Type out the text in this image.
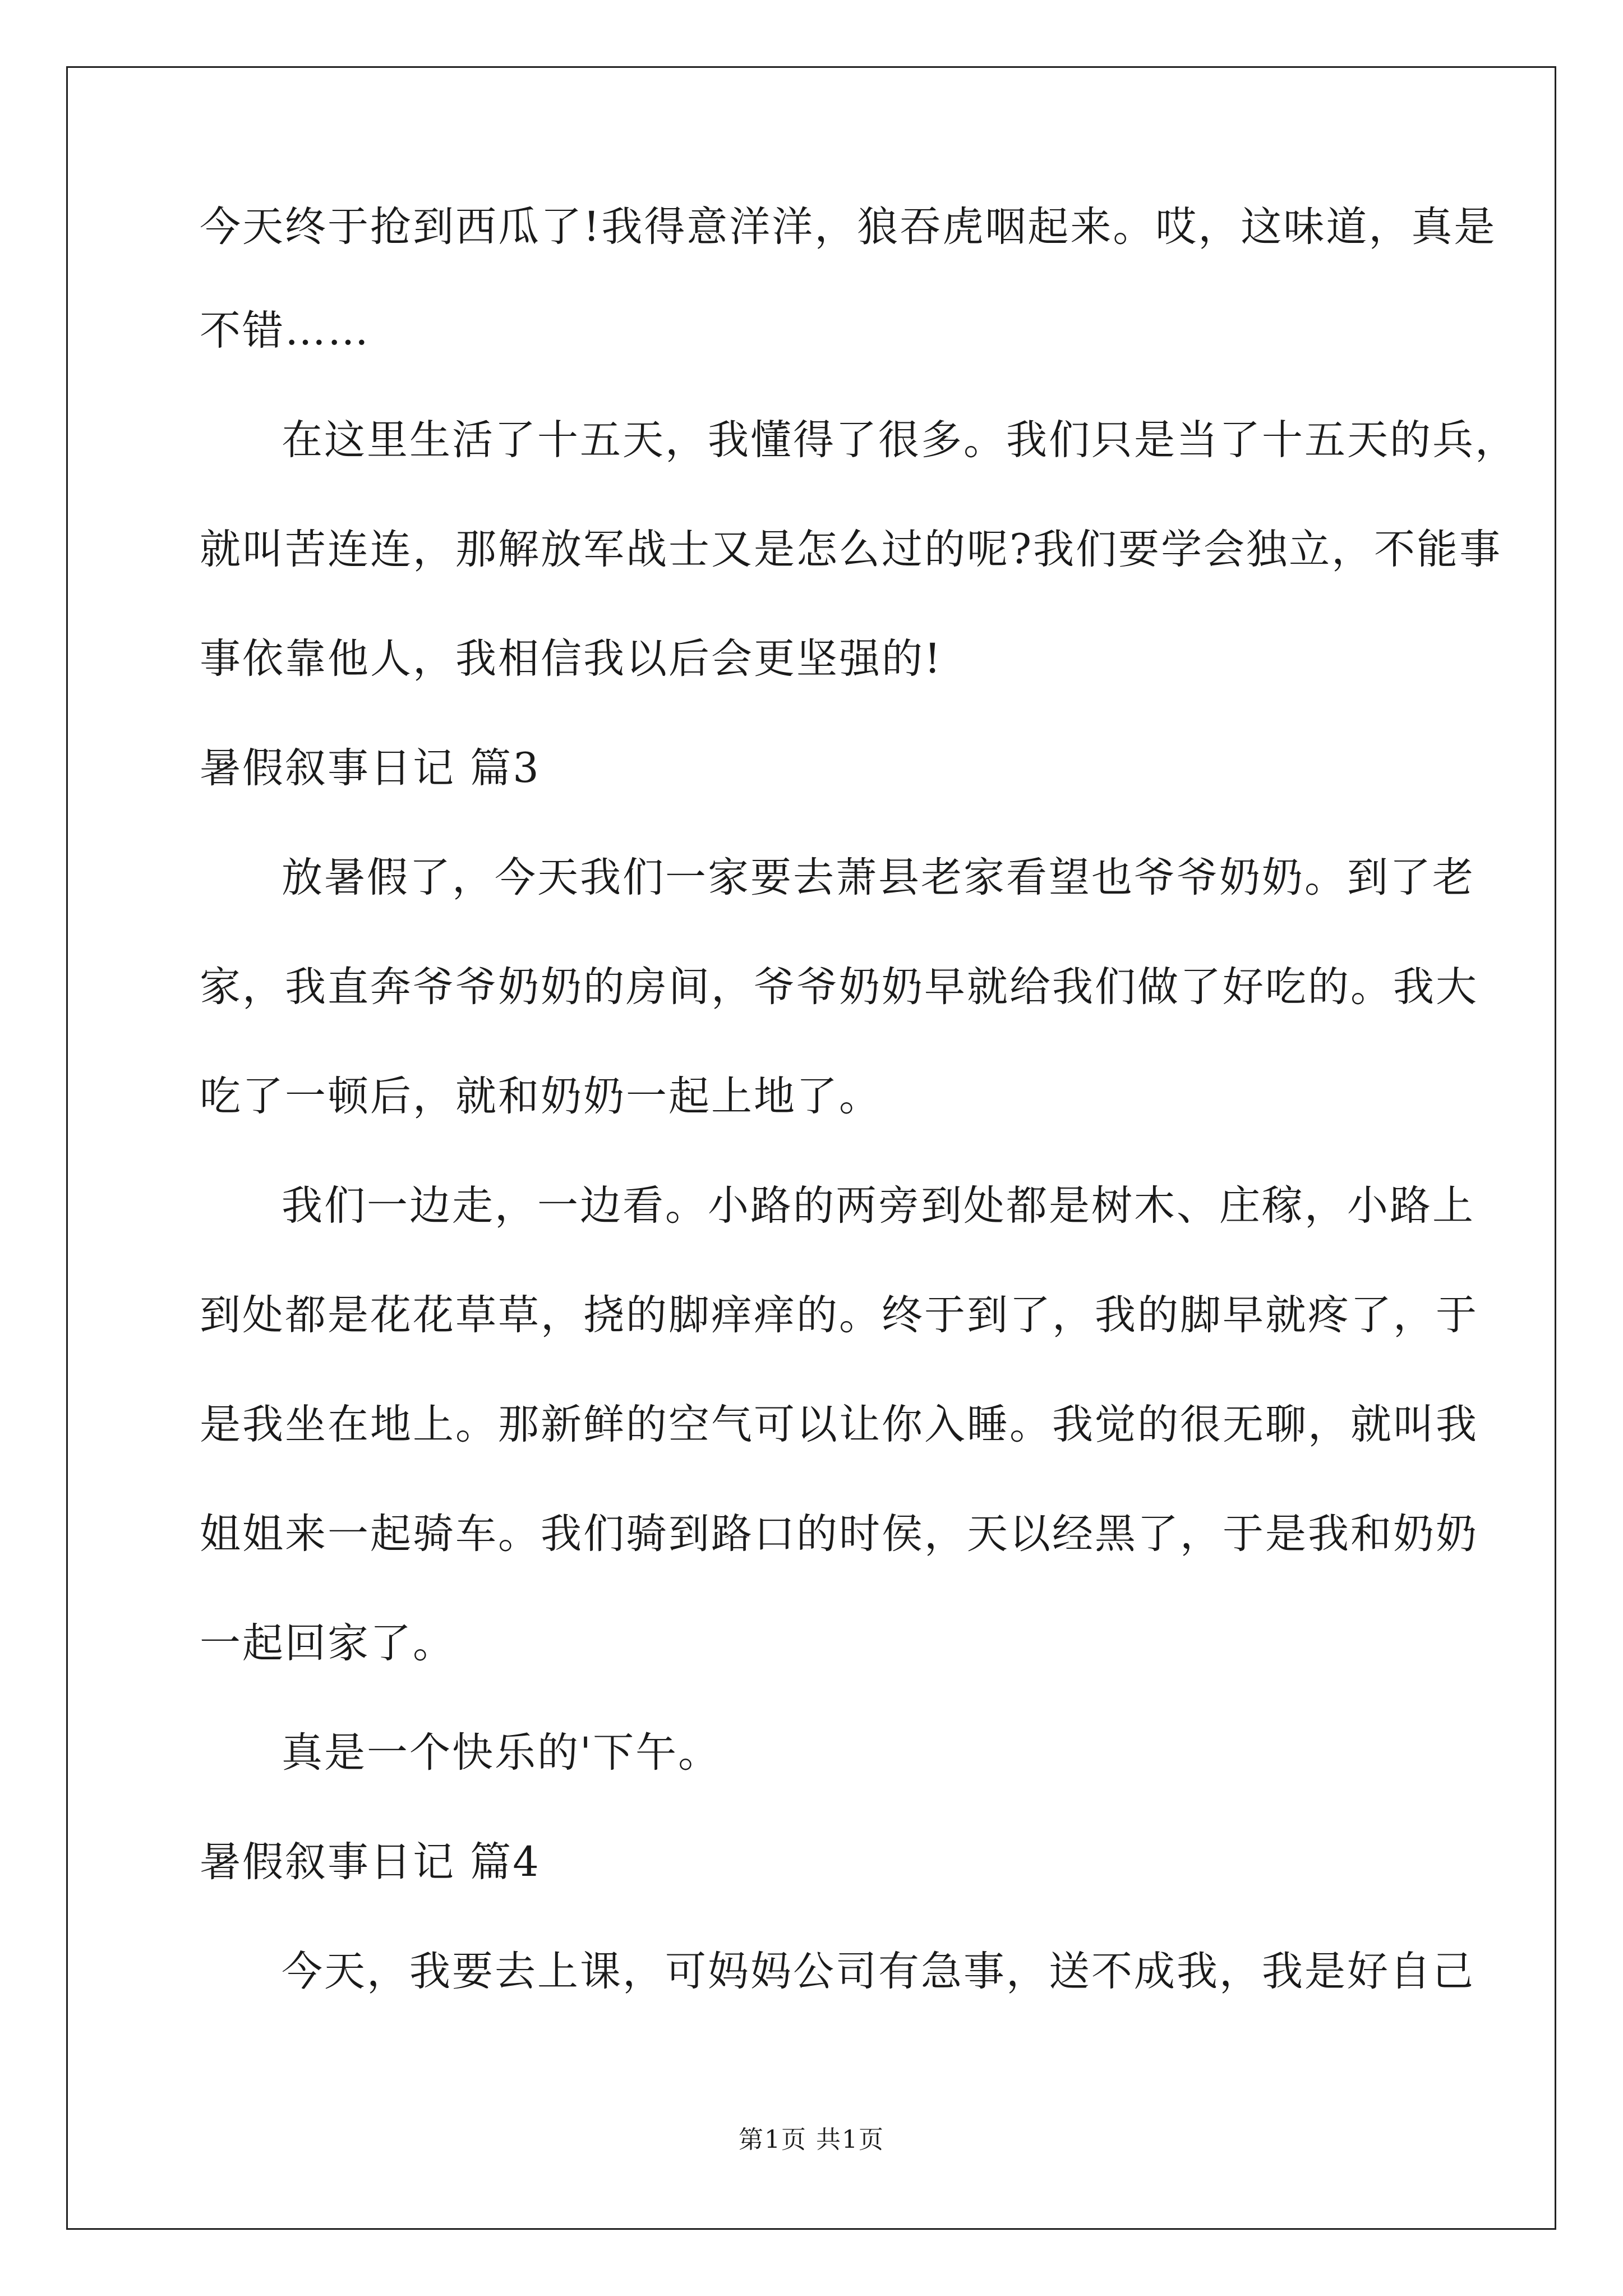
今天终于抢到西瓜了!我得意洋洋，狼吞虎咽起来。哎，这味道，真是
不错……
在这里生活了十五天，我懂得了很多。我们只是当了十五天的兵，
就叫苦连连，那解放军战士又是怎么过的呢?我们要学会独立，不能事
事依靠他人，我相信我以后会更坚强的!
暑假叙事日记 篇3
放暑假了，今天我们一家要去萧县老家看望也爷爷奶奶。到了老
家，我直奔爷爷奶奶的房间，爷爷奶奶早就给我们做了好吃的。我大
吃了一顿后，就和奶奶一起上地了。
我们一边走，一边看。小路的两旁到处都是树木、庄稼，小路上
到处都是花花草草，挠的脚痒痒的。终于到了，我的脚早就疼了，于
是我坐在地上。那新鲜的空气可以让你入睡。我觉的很无聊，就叫我
姐姐来一起骑车。我们骑到路口的时侯，天以经黑了，于是我和奶奶
一起回家了。
真是一个快乐的'下午。
暑假叙事日记 篇4
今天，我要去上课，可妈妈公司有急事，送不成我，我是好自己
第1页 共1页
